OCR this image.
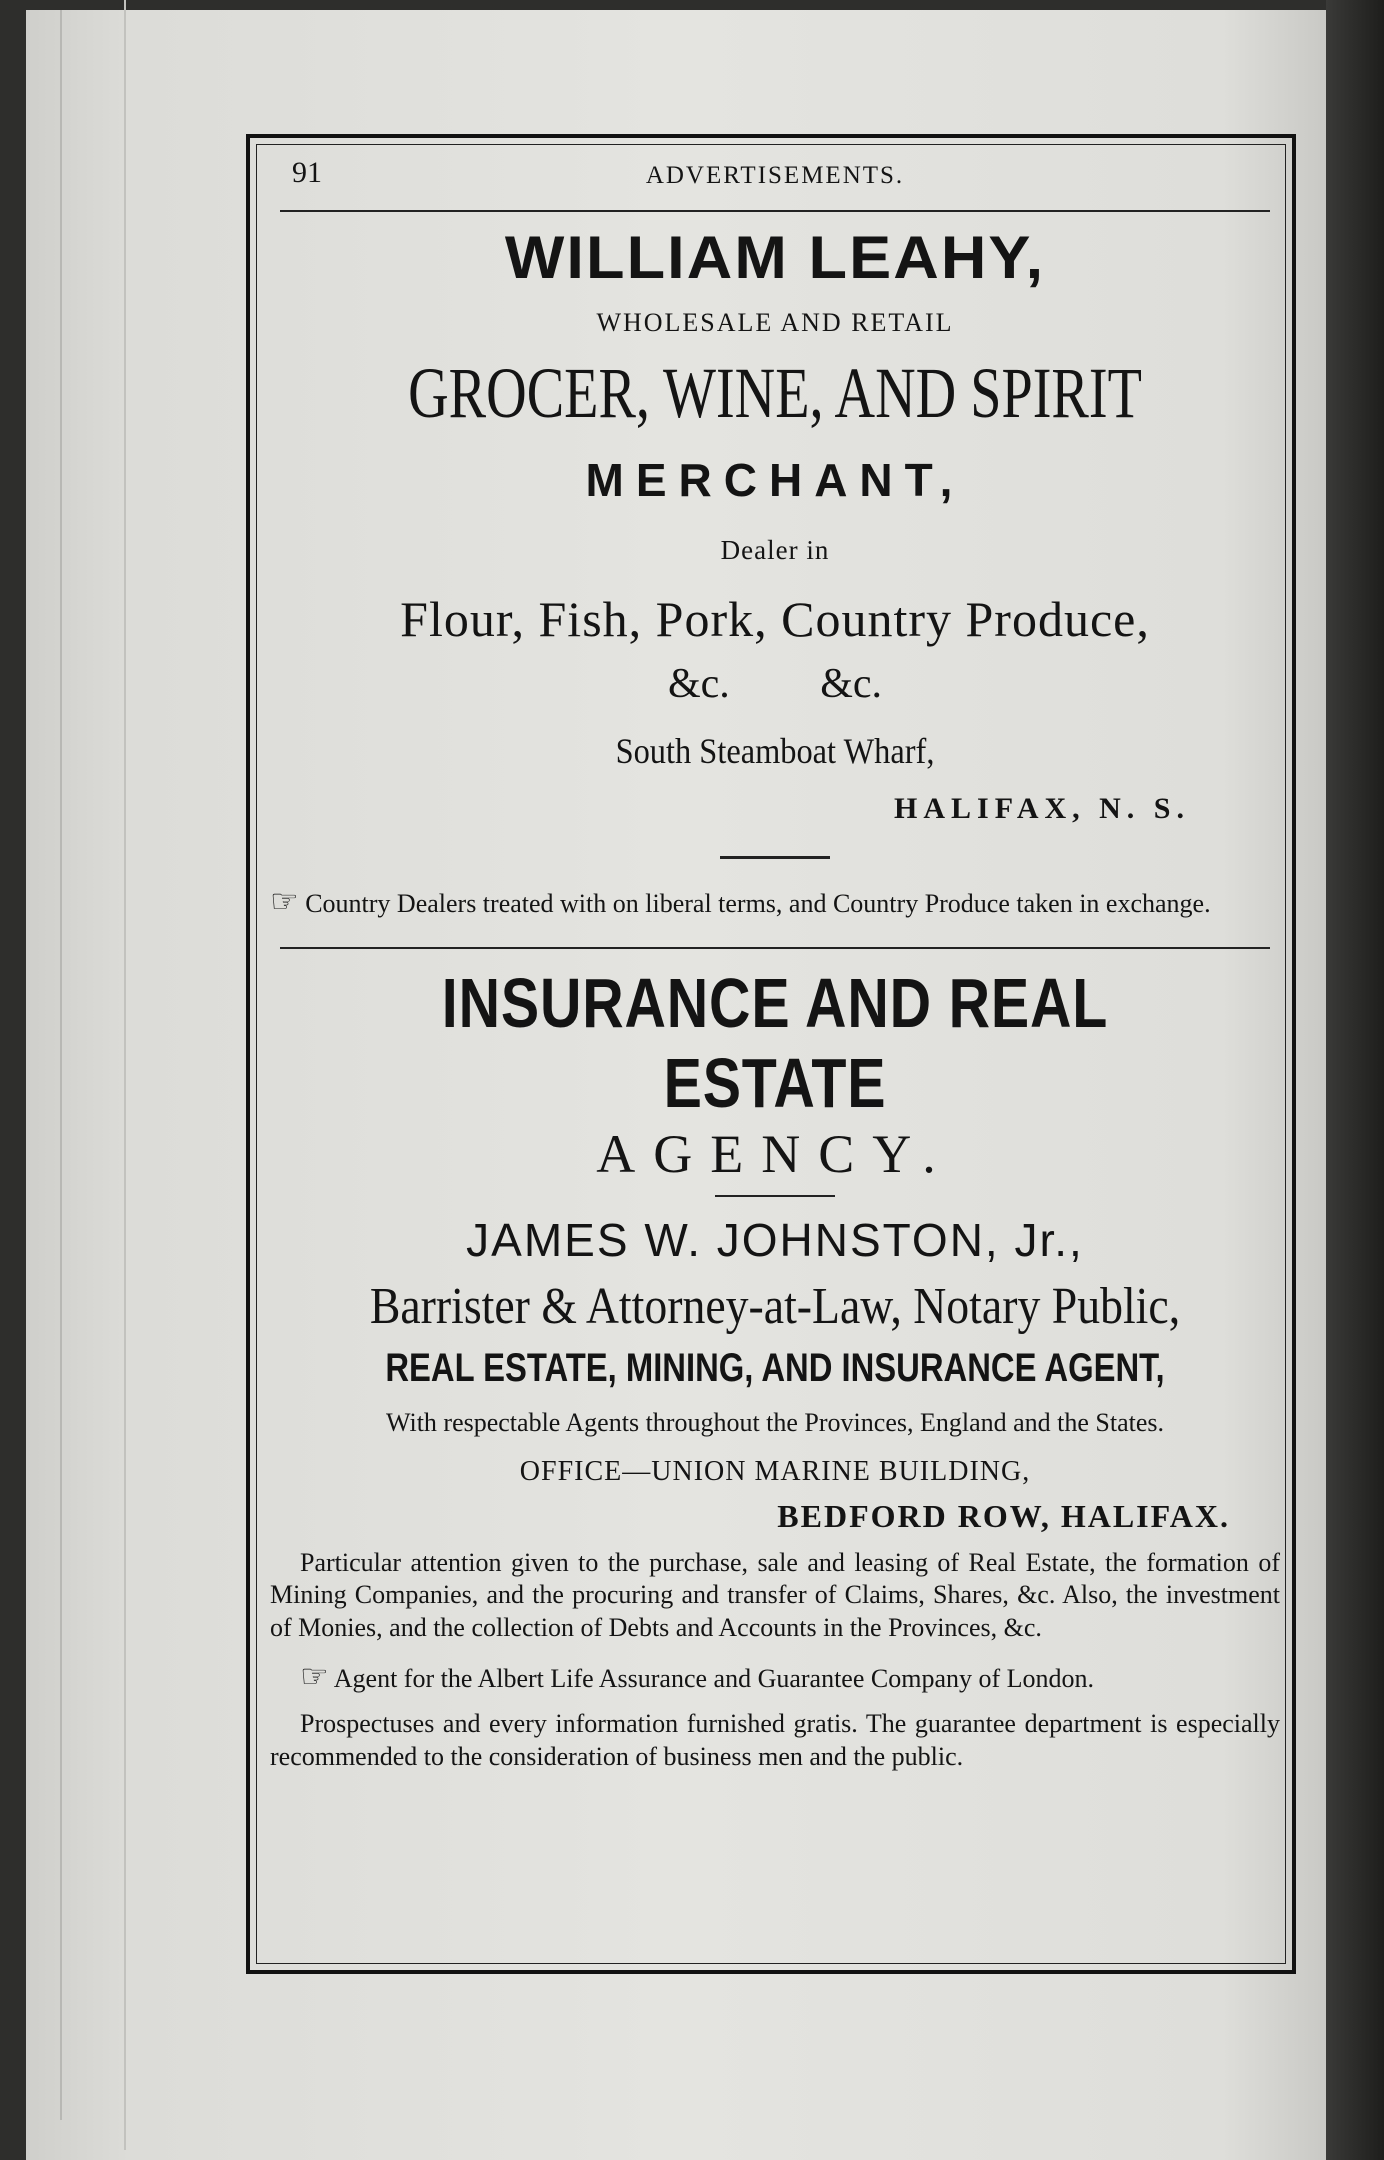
91	ADVERTISEMENTS.
WILLIAM LEAHY,
WHOLESALE AND RETAIL
GROCER, WINE, AND SPIRIT
MERCHANT,
Dealer in
Flour, Fish, Pork, Country Produce,
&c. &c.
South Steamboat Wharf,
HALIFAX, N. S.
☞ Country Dealers treated with on liberal terms, and Country Produce taken in exchange.
INSURANCE AND REAL ESTATE
AGENCY.
JAMES W. JOHNSTON, Jr.,
Barrister & Attorney-at-Law, Notary Public,
REAL ESTATE, MINING, AND INSURANCE AGENT,
With respectable Agents throughout the Provinces, England and the States.
OFFICE—UNION MARINE BUILDING,
BEDFORD ROW, HALIFAX.
Particular attention given to the purchase, sale and leasing of Real Estate, the formation of Mining Companies, and the procuring and transfer of Claims, Shares, &c. Also, the investment of Monies, and the collection of Debts and Accounts in the Provinces, &c.
☞ Agent for the Albert Life Assurance and Guarantee Company of London.
Prospectuses and every information furnished gratis. The guarantee department is especially recommended to the consideration of business men and the public.
